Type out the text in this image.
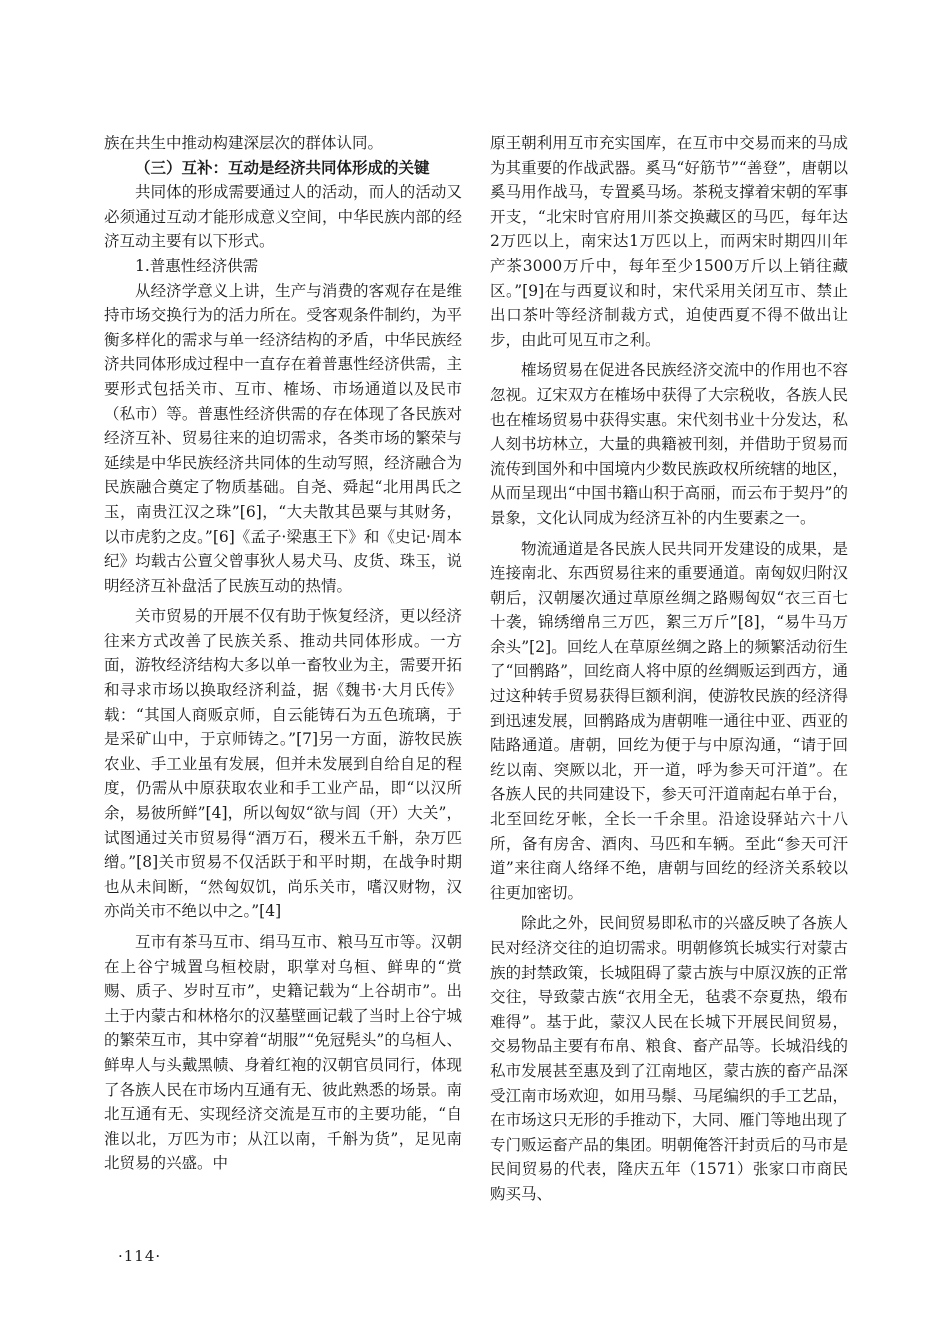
族在共生中推动构建深层次的群体认同。

（三）互补：互动是经济共同体形成的关键

共同体的形成需要通过人的活动，而人的活动又必须通过互动才能形成意义空间，中华民族内部的经济互动主要有以下形式。

1.普惠性经济供需

从经济学意义上讲，生产与消费的客观存在是维持市场交换行为的活力所在。受客观条件制约，为平衡多样化的需求与单一经济结构的矛盾，中华民族经济共同体形成过程中一直存在着普惠性经济供需，主要形式包括关市、互市、榷场、市场通道以及民市（私市）等。普惠性经济供需的存在体现了各民族对经济互补、贸易往来的迫切需求，各类市场的繁荣与延续是中华民族经济共同体的生动写照，经济融合为民族融合奠定了物质基础。自尧、舜起“北用禺氏之玉，南贵江汉之珠”[6]，“大夫散其邑粟与其财务，以市虎豹之皮。”[6]《孟子·梁惠王下》和《史记·周本纪》均载古公亶父曾事狄人易犬马、皮货、珠玉，说明经济互补盘活了民族互动的热情。

关市贸易的开展不仅有助于恢复经济，更以经济往来方式改善了民族关系、推动共同体形成。一方面，游牧经济结构大多以单一畜牧业为主，需要开拓和寻求市场以换取经济利益，据《魏书·大月氏传》载：“其国人商贩京师，自云能铸石为五色琉璃，于是采矿山中，于京师铸之。”[7]另一方面，游牧民族农业、手工业虽有发展，但并未发展到自给自足的程度，仍需从中原获取农业和手工业产品，即“以汉所余，易彼所鲜”[4]，所以匈奴“欲与闾（开）大关”，试图通过关市贸易得“酒万石，稷米五千斛，杂万匹缯。”[8]关市贸易不仅活跃于和平时期，在战争时期也从未间断，“然匈奴饥，尚乐关市，嗜汉财物，汉亦尚关市不绝以中之。”[4]

互市有茶马互市、绢马互市、粮马互市等。汉朝在上谷宁城置乌桓校尉，职掌对乌桓、鲜卑的“赏赐、质子、岁时互市”，史籍记载为“上谷胡市”。出土于内蒙古和林格尔的汉墓壁画记载了当时上谷宁城的繁荣互市，其中穿着“胡服”“免冠髡头”的乌桓人、鲜卑人与头戴黑帻、身着红袍的汉朝官员同行，体现了各族人民在市场内互通有无、彼此熟悉的场景。南北互通有无、实现经济交流是互市的主要功能，“自淮以北，万匹为市；从江以南，千斛为货”，足见南北贸易的兴盛。中

原王朝利用互市充实国库，在互市中交易而来的马成为其重要的作战武器。奚马“好筋节”“善登”，唐朝以奚马用作战马，专置奚马场。茶税支撑着宋朝的军事开支，“北宋时官府用川茶交换藏区的马匹，每年达2万匹以上，南宋达1万匹以上，而两宋时期四川年产茶3000万斤中，每年至少1500万斤以上销往藏区。”[9]在与西夏议和时，宋代采用关闭互市、禁止出口茶叶等经济制裁方式，迫使西夏不得不做出让步，由此可见互市之利。

榷场贸易在促进各民族经济交流中的作用也不容忽视。辽宋双方在榷场中获得了大宗税收，各族人民也在榷场贸易中获得实惠。宋代刻书业十分发达，私人刻书坊林立，大量的典籍被刊刻，并借助于贸易而流传到国外和中国境内少数民族政权所统辖的地区，从而呈现出“中国书籍山积于高丽，而云布于契丹”的景象，文化认同成为经济互补的内生要素之一。

物流通道是各民族人民共同开发建设的成果，是连接南北、东西贸易往来的重要通道。南匈奴归附汉朝后，汉朝屡次通过草原丝绸之路赐匈奴“衣三百七十袭，锦绣缯帛三万匹，絮三万斤”[8]，“易牛马万余头”[2]。回纥人在草原丝绸之路上的频繁活动衍生了“回鹘路”，回纥商人将中原的丝绸贩运到西方，通过这种转手贸易获得巨额利润，使游牧民族的经济得到迅速发展，回鹘路成为唐朝唯一通往中亚、西亚的陆路通道。唐朝，回纥为便于与中原沟通，“请于回纥以南、突厥以北，开一道，呼为参天可汗道”。在各族人民的共同建设下，参天可汗道南起右单于台，北至回纥牙帐，全长一千余里。沿途设驿站六十八所，备有房舍、酒肉、马匹和车辆。至此“参天可汗道”来往商人络绎不绝，唐朝与回纥的经济关系较以往更加密切。

除此之外，民间贸易即私市的兴盛反映了各族人民对经济交往的迫切需求。明朝修筑长城实行对蒙古族的封禁政策，长城阻碍了蒙古族与中原汉族的正常交往，导致蒙古族“衣用全无，毡裘不奈夏热，缎布难得”。基于此，蒙汉人民在长城下开展民间贸易，交易物品主要有布帛、粮食、畜产品等。长城沿线的私市发展甚至惠及到了江南地区，蒙古族的畜产品深受江南市场欢迎，如用马鬃、马尾编织的手工艺品，在市场这只无形的手推动下，大同、雁门等地出现了专门贩运畜产品的集团。明朝俺答汗封贡后的马市是民间贸易的代表，隆庆五年（1571）张家口市商民购买马、

·114·
